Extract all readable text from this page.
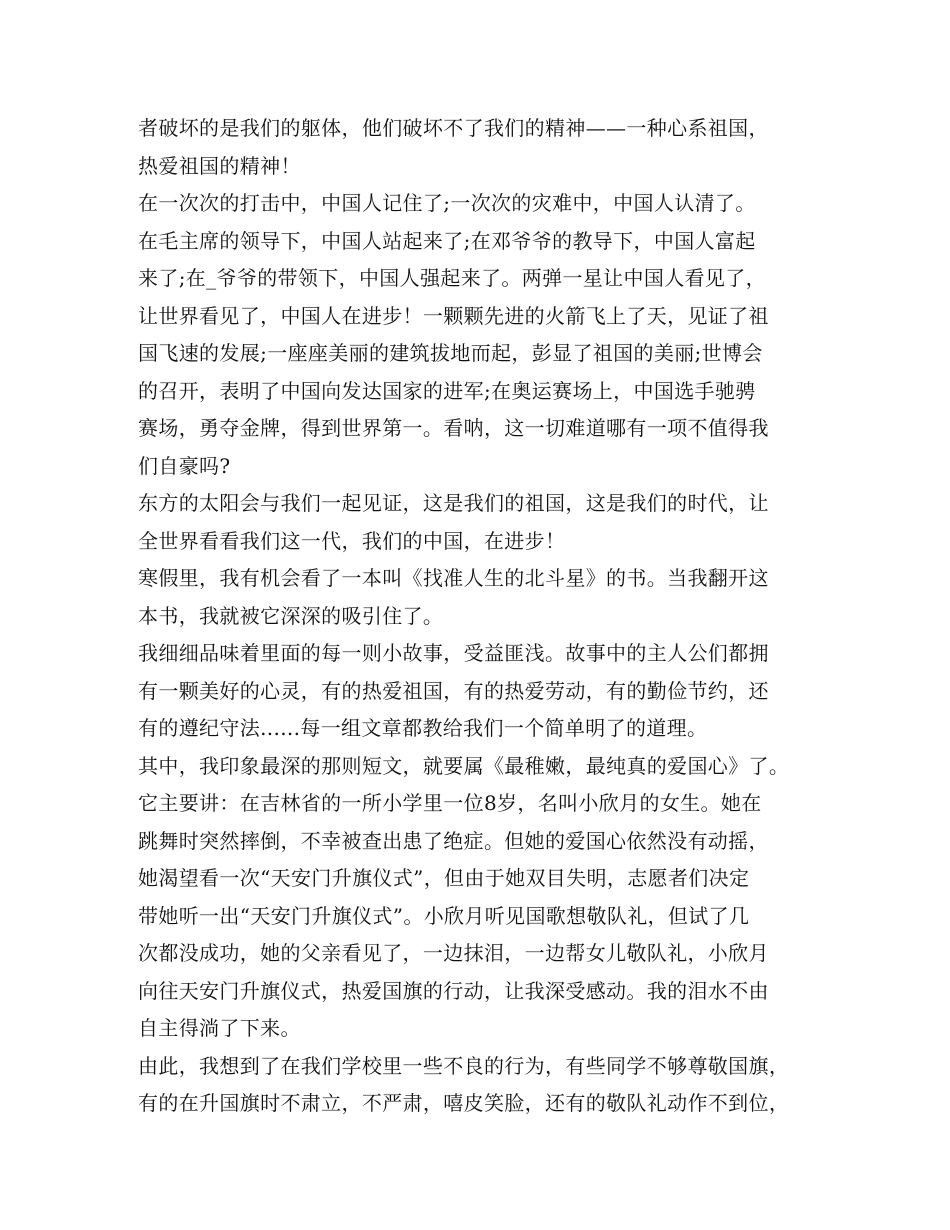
者破坏的是我们的躯体，他们破坏不了我们的精神——一种心系祖国，
热爱祖国的精神！
在一次次的打击中，中国人记住了;一次次的灾难中，中国人认清了。
在毛主席的领导下，中国人站起来了;在邓爷爷的教导下，中国人富起
来了;在_爷爷的带领下，中国人强起来了。两弹一星让中国人看见了，
让世界看见了，中国人在进步！一颗颗先进的火箭飞上了天，见证了祖
国飞速的发展;一座座美丽的建筑拔地而起，彭显了祖国的美丽;世博会
的召开，表明了中国向发达国家的进军;在奥运赛场上，中国选手驰骋
赛场，勇夺金牌，得到世界第一。看呐，这一切难道哪有一项不值得我
们自豪吗?
东方的太阳会与我们一起见证，这是我们的祖国，这是我们的时代，让
全世界看看我们这一代，我们的中国，在进步！
寒假里，我有机会看了一本叫《找准人生的北斗星》的书。当我翻开这
本书，我就被它深深的吸引住了。
我细细品味着里面的每一则小故事，受益匪浅。故事中的主人公们都拥
有一颗美好的心灵，有的热爱祖国，有的热爱劳动，有的勤俭节约，还
有的遵纪守法......每一组文章都教给我们一个简单明了的道理。
其中，我印象最深的那则短文，就要属《最稚嫩，最纯真的爱国心》了。
它主要讲：在吉林省的一所小学里一位8岁，名叫小欣月的女生。她在
跳舞时突然摔倒，不幸被查出患了绝症。但她的爱国心依然没有动摇，
她渴望看一次“天安门升旗仪式”，但由于她双目失明，志愿者们决定
带她听一出“天安门升旗仪式”。小欣月听见国歌想敬队礼，但试了几
次都没成功，她的父亲看见了，一边抹泪，一边帮女儿敬队礼，小欣月
向往天安门升旗仪式，热爱国旗的行动，让我深受感动。我的泪水不由
自主得淌了下来。
由此，我想到了在我们学校里一些不良的行为，有些同学不够尊敬国旗，
有的在升国旗时不肃立，不严肃，嘻皮笑脸，还有的敬队礼动作不到位，
